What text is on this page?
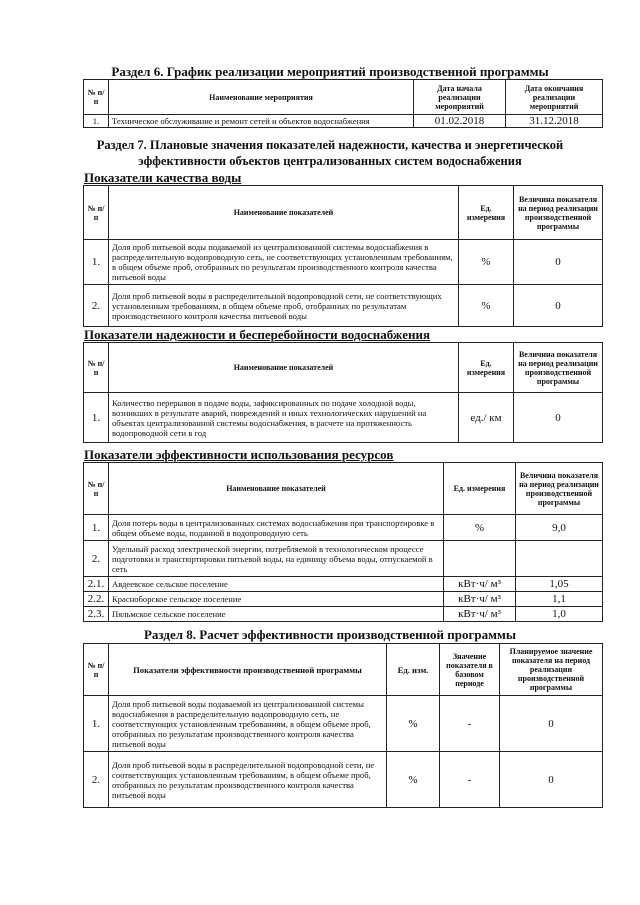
Раздел 6. График реализации мероприятий производственной программы
№ п/п	Наименование мероприятия	Дата начала реализации мероприятий	Дата окончания реализации мероприятий
1.	Техническое обслуживание и ремонт сетей и объектов водоснабжения	01.02.2018	31.12.2018
Раздел 7. Плановые значения показателей надежности, качества и энергетической
эффективности объектов централизованных систем водоснабжения
Показатели качества воды
№ п/п	Наименование показателей	Ед. измерения	Величина показателя на период реализации производственной программы
1.	Доля проб питьевой воды подаваемой из централизованной системы водоснабжения в распределительную водопроводную сеть, не соответствующих установленным требованиям, в общем объеме проб, отобранных по результатам производственного контроля качества питьевой воды	%	0
2.	Доля проб питьевой воды в распределительной водопроводной сети, не соответствующих установленным требованиям, в общем объеме проб, отобранных по результатам производственного контроля качества питьевой воды	%	0
Показатели надежности и бесперебойности водоснабжения
№ п/п	Наименование показателей	Ед. измерения	Величина показателя на период реализации производственной программы
1.	Количество перерывов в подаче воды, зафиксированных по подаче холодной воды, возникших в результате аварий, повреждений и иных технологических нарушений на объектах централизованной системы водоснабжения, в расчете на протяженность водопроводной сети в год	ед./ км	0
Показатели эффективности использования ресурсов
№ п/п	Наименование показателей	Ед. измерения	Величина показателя на период реализации производственной программы
1.	Доля потерь воды в централизованных системах водоснабжения при транспортировке в общем объеме воды, поданной в водопроводную сеть	%	9,0
2.	Удельный расход электрической энергии, потребляемой в технологическом процессе подготовки и транспортировки питьевой воды, на единицу объема воды, отпускаемой в сеть		
2.1.	Авдеевское сельское поселение	кВт·ч/ м³	1,05
2.2.	Красноборское сельское поселение	кВт·ч/ м³	1,1
2.3.	Пяльмское сельское поселение	кВт·ч/ м³	1,0
Раздел 8. Расчет эффективности производственной программы
№ п/п	Показатели эффективности производственной программы	Ед. изм.	Значение показателя в базовом периоде	Планируемое значение показателя на период реализации производственной программы
1.	Доля проб питьевой воды подаваемой из централизованной системы водоснабжения в распределительную водопроводную сеть, не соответствующих установленным требованиям, в общем объеме проб, отобранных по результатам производственного контроля качества питьевой воды	%	-	0
2.	Доля проб питьевой воды в распределительной водопроводной сети, не соответствующих установленным требованиям, в общем объеме проб, отобранных по результатам производственного контроля качества питьевой воды	%	-	0
